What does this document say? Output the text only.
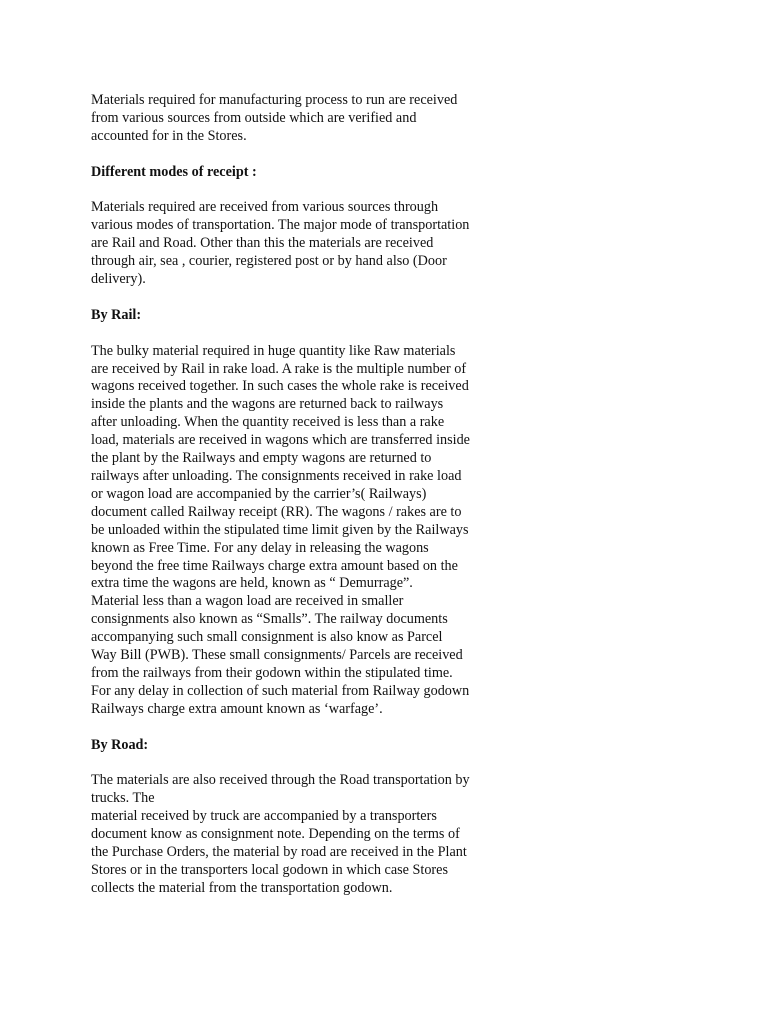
Materials required for manufacturing process to run are received
from various sources from outside which are verified and
accounted for in the Stores.
Different modes of receipt :
Materials required are received from various sources through
various modes of transportation. The major mode of transportation
are Rail and Road. Other than this the materials are received
through air, sea , courier, registered post or by hand also (Door
delivery).
By Rail:
The bulky material required in huge quantity like Raw materials
are received by Rail in rake load. A rake is the multiple number of
wagons received together. In such cases the whole rake is received
inside the plants and the wagons are returned back to railways
after unloading. When the quantity received is less than a rake
load, materials are received in wagons which are transferred inside
the plant by the Railways and empty wagons are returned to
railways after unloading. The consignments received in rake load
or wagon load are accompanied by the carrier’s( Railways)
document called Railway receipt (RR). The wagons / rakes are to
be unloaded within the stipulated time limit given by the Railways
known as Free Time. For any delay in releasing the wagons
beyond the free time Railways charge extra amount based on the
extra time the wagons are held, known as “ Demurrage”.
Material less than a wagon load are received in smaller
consignments also known as “Smalls”. The railway documents
accompanying such small consignment is also know as Parcel
Way Bill (PWB). These small consignments/ Parcels are received
from the railways from their godown within the stipulated time.
For any delay in collection of such material from Railway godown
Railways charge extra amount known as ‘warfage’.
By Road:
The materials are also received through the Road transportation by
trucks. The
material received by truck are accompanied by a transporters
document know as consignment note. Depending on the terms of
the Purchase Orders, the material by road are received in the Plant
Stores or in the transporters local godown in which case Stores
collects the material from the transportation godown.
